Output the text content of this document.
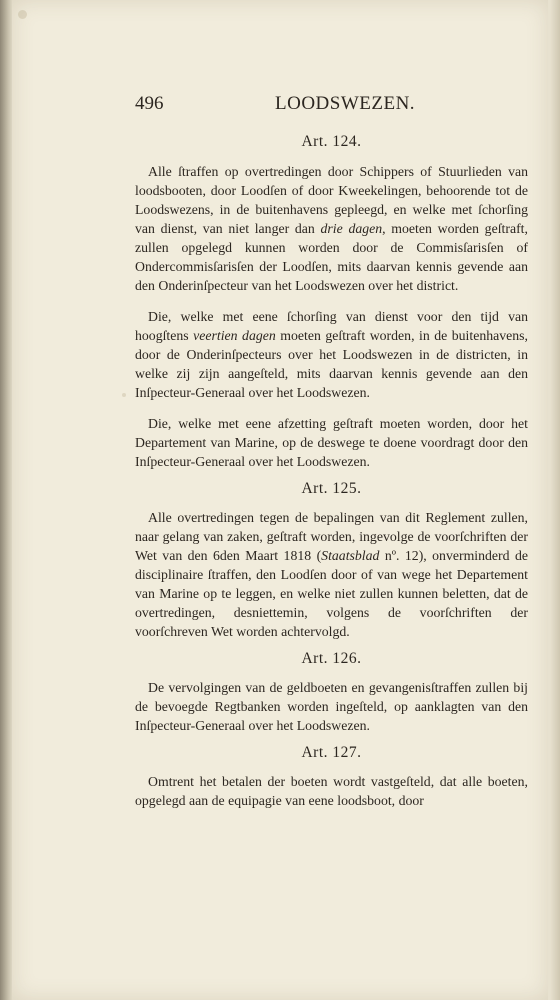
496	LOODSWEZEN.
Art. 124.

Alle ſtraffen op overtredingen door Schippers of Stuurlieden van loodsbooten, door Loodſen of door Kweekelingen, behoorende tot de Loodswezens, in de buitenhavens gepleegd, en welke met ſchorſing van dienst, van niet langer dan drie dagen, moeten worden geſtraft, zullen opgelegd kunnen worden door de Commisſarisſen of Ondercommisſarisſen der Loodſen, mits daarvan kennis gevende aan den Onderinſpecteur van het Loodswezen over het district.

Die, welke met eene ſchorſing van dienst voor den tijd van hoogſtens veertien dagen moeten geſtraft worden, in de buitenhavens, door de Onderinſpecteurs over het Loodswezen in de districten, in welke zij zijn aangeſteld, mits daarvan kennis gevende aan den Inſpecteur-Generaal over het Loodswezen.

Die, welke met eene afzetting geſtraft moeten worden, door het Departement van Marine, op de deswege te doene voordragt door den Inſpecteur-Generaal over het Loodswezen.

Art. 125.

Alle overtredingen tegen de bepalingen van dit Reglement zullen, naar gelang van zaken, geſtraft worden, ingevolge de voorſchriften der Wet van den 6den Maart 1818 (Staatsblad nº. 12), onverminderd de disciplinaire ſtraffen, den Loodſen door of van wege het Departement van Marine op te leggen, en welke niet zullen kunnen beletten, dat de overtredingen, desniettemin, volgens de voorſchriften der voorſchreven Wet worden achtervolgd.

Art. 126.

De vervolgingen van de geldboeten en gevangenisſtraffen zullen bij de bevoegde Regtbanken worden ingeſteld, op aanklagten van den Inſpecteur-Generaal over het Loodswezen.

Art. 127.

Omtrent het betalen der boeten wordt vastgeſteld, dat alle boeten, opgelegd aan de equipagie van eene loodsboot, door
